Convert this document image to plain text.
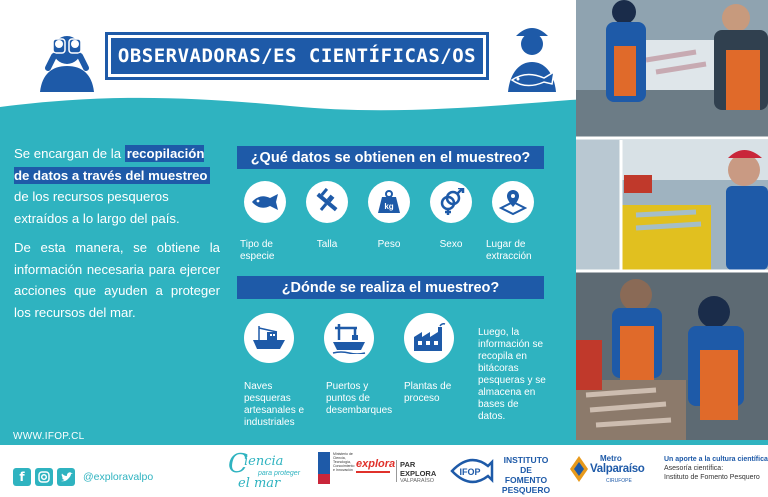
OBSERVADORAS/ES CIENTÍFICAS/OS

Se encargan de la recopilación de datos a través del muestreo de los recursos pesqueros extraídos a lo largo del país.

De esta manera, se obtiene la información necesaria para ejercer acciones que ayuden a proteger los recursos del mar.

¿Qué datos se obtienen en el muestreo?
kg
Tipo de especie
Talla	Peso	Sexo	Lugar de extracción
¿Dónde se realiza el muestreo?
Naves pesqueras artesanales e industriales
Puertos y puntos de desembarques
Plantas de proceso
Luego, la información se recopila en bitácoras pesqueras y se almacena en bases de datos.
WWW.IFOP.CL
f	@exploravalpo	C
iencia
para proteger
el mar
Ministerio de Ciencia, Tecnología, Conocimiento e Innovación explora PAR EXPLORA
VALPARAÍSO
IFOP
INSTITUTO DE
FOMENTO
PESQUERO
Metro
Valparaíso
CIRUFOPE
Un aporte a la cultura científica
Asesoría científica:
Instituto de Fomento Pesquero
